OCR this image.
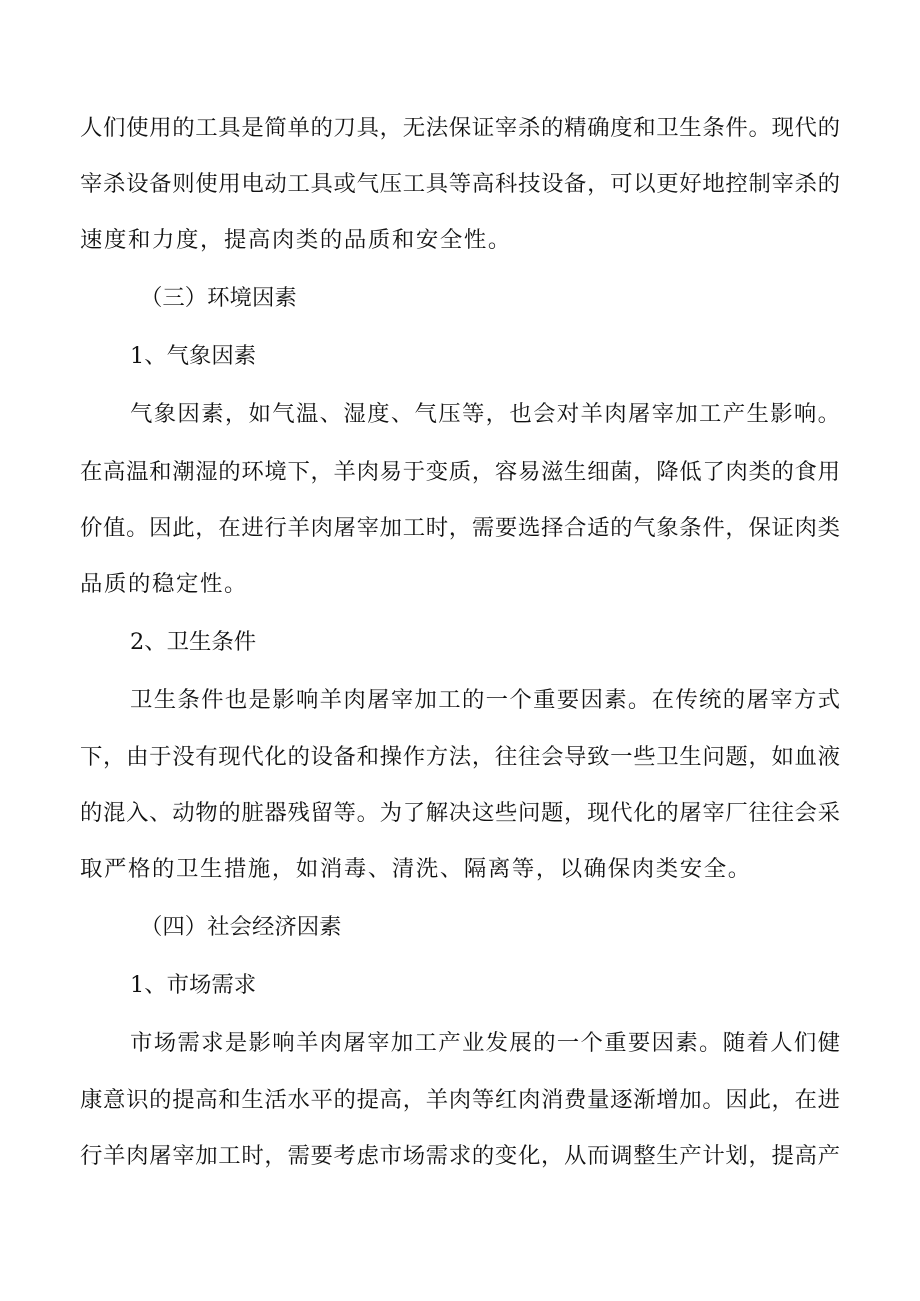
人们使用的工具是简单的刀具，无法保证宰杀的精确度和卫生条件。现代的
宰杀设备则使用电动工具或气压工具等高科技设备，可以更好地控制宰杀的
速度和力度，提高肉类的品质和安全性。
（三）环境因素
1、气象因素
气象因素，如气温、湿度、气压等，也会对羊肉屠宰加工产生影响。
在高温和潮湿的环境下，羊肉易于变质，容易滋生细菌，降低了肉类的食用
价值。因此，在进行羊肉屠宰加工时，需要选择合适的气象条件，保证肉类
品质的稳定性。
2、卫生条件
卫生条件也是影响羊肉屠宰加工的一个重要因素。在传统的屠宰方式
下，由于没有现代化的设备和操作方法，往往会导致一些卫生问题，如血液
的混入、动物的脏器残留等。为了解决这些问题，现代化的屠宰厂往往会采
取严格的卫生措施，如消毒、清洗、隔离等，以确保肉类安全。
（四）社会经济因素
1、市场需求
市场需求是影响羊肉屠宰加工产业发展的一个重要因素。随着人们健
康意识的提高和生活水平的提高，羊肉等红肉消费量逐渐增加。因此，在进
行羊肉屠宰加工时，需要考虑市场需求的变化，从而调整生产计划，提高产
